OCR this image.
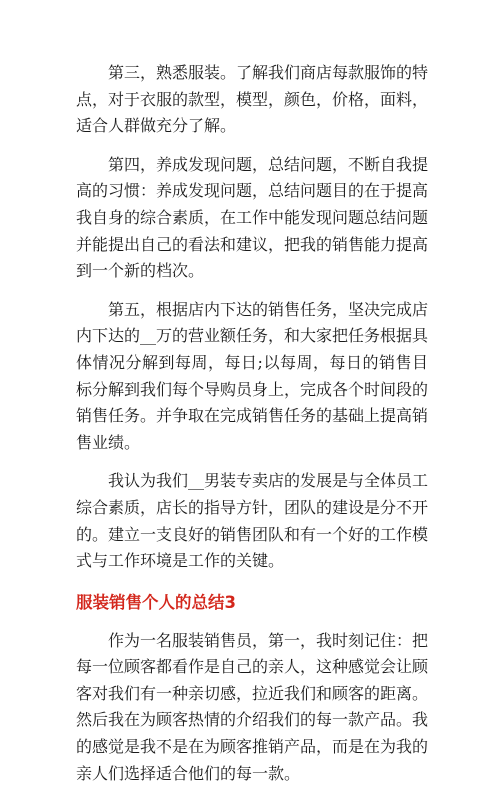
第三，熟悉服装。了解我们商店每款服饰的特点，对于衣服的款型，模型，颜色，价格，面料，适合人群做充分了解。

第四，养成发现问题，总结问题，不断自我提高的习惯：养成发现问题，总结问题目的在于提高我自身的综合素质，在工作中能发现问题总结问题并能提出自己的看法和建议，把我的销售能力提高到一个新的档次。

第五，根据店内下达的销售任务，坚决完成店内下达的__万的营业额任务，和大家把任务根据具体情况分解到每周，每日;以每周，每日的销售目标分解到我们每个导购员身上，完成各个时间段的销售任务。并争取在完成销售任务的基础上提高销售业绩。

我认为我们__男装专卖店的发展是与全体员工综合素质，店长的指导方针，团队的建设是分不开的。建立一支良好的销售团队和有一个好的工作模式与工作环境是工作的关键。

服装销售个人的总结3

作为一名服装销售员，第一，我时刻记住：把每一位顾客都看作是自己的亲人，这种感觉会让顾客对我们有一种亲切感，拉近我们和顾客的距离。然后我在为顾客热情的介绍我们的每一款产品。我的感觉是我不是在为顾客推销产品，而是在为我的亲人们选择适合他们的每一款。
